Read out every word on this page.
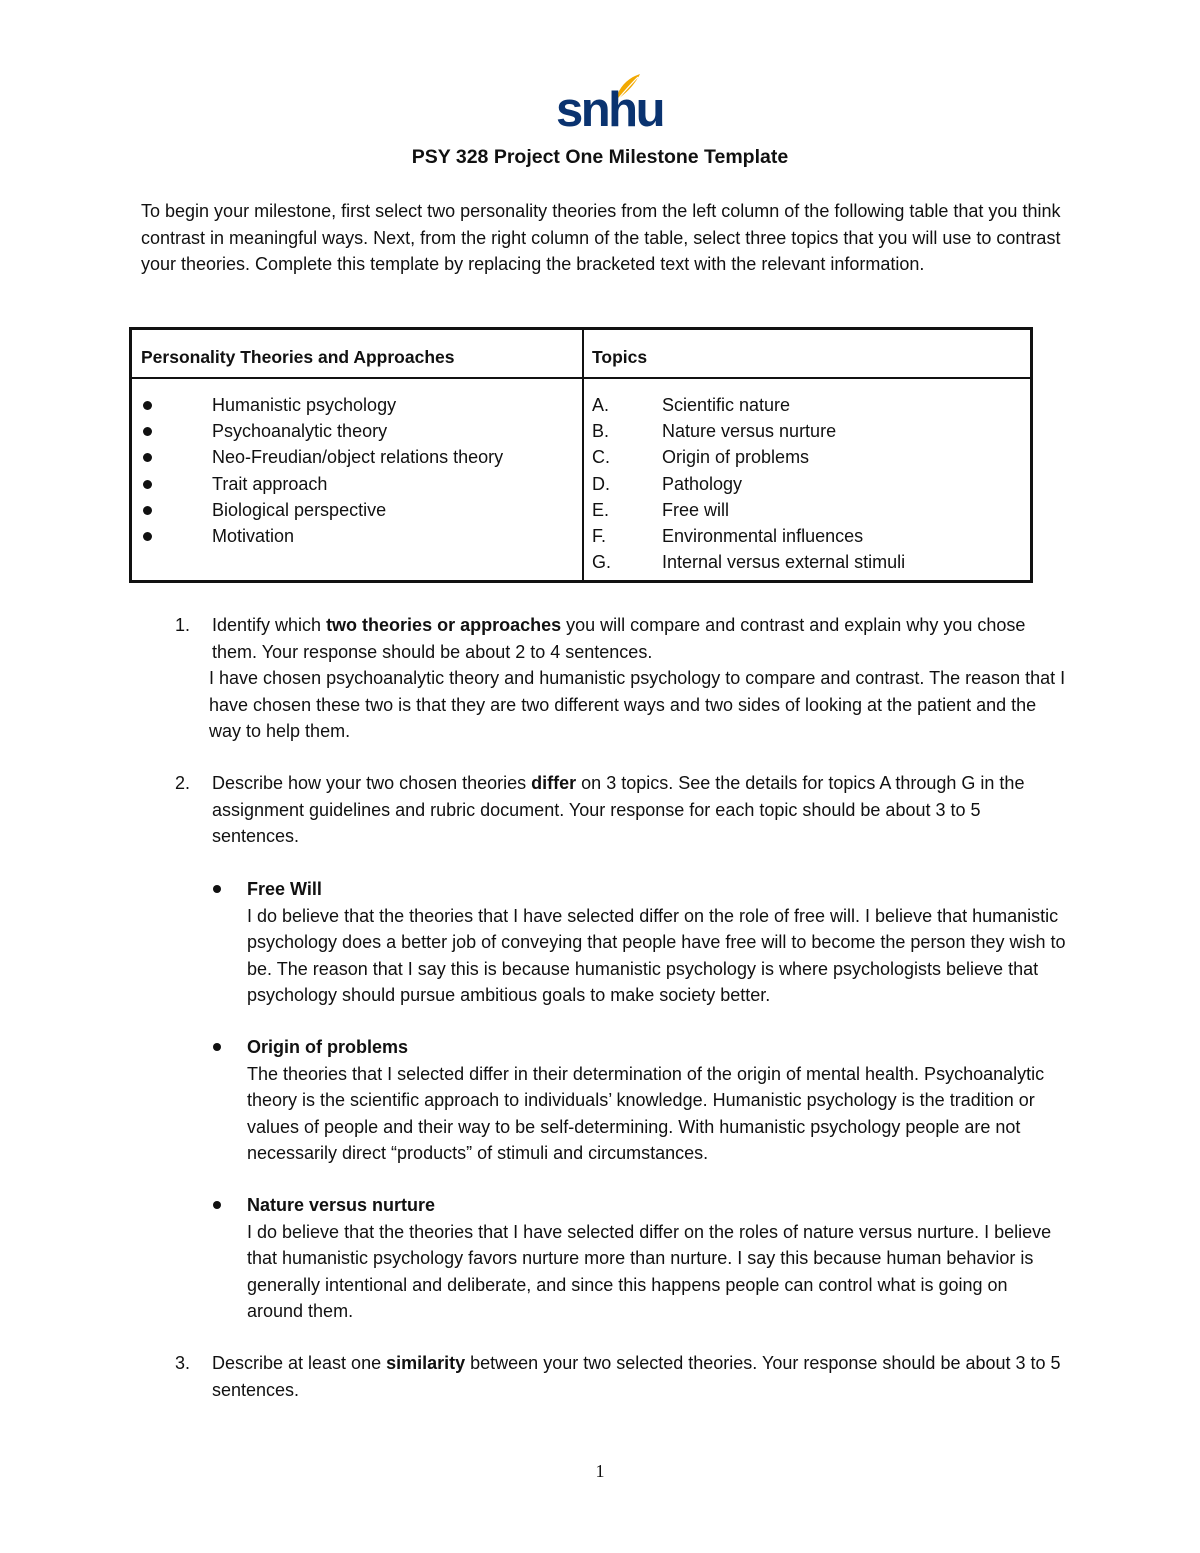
snhu
PSY 328 Project One Milestone Template
To begin your milestone, first select two personality theories from the left column of the following table that you think contrast in meaningful ways. Next, from the right column of the table, select three topics that you will use to contrast your theories. Complete this template by replacing the bracketed text with the relevant information.
Personality Theories and Approaches	Topics
Humanistic psychology
Psychoanalytic theory
Neo-Freudian/object relations theory
Trait approach
Biological perspective
Motivation
A.	Scientific nature
B.	Nature versus nurture
C.	Origin of problems
D.	Pathology
E.	Free will
F.	Environmental influences
G.	Internal versus external stimuli
1. Identify which two theories or approaches you will compare and contrast and explain why you chose them. Your response should be about 2 to 4 sentences.
I have chosen psychoanalytic theory and humanistic psychology to compare and contrast. The reason that I have chosen these two is that they are two different ways and two sides of looking at the patient and the way to help them.
2. Describe how your two chosen theories differ on 3 topics. See the details for topics A through G in the assignment guidelines and rubric document. Your response for each topic should be about 3 to 5 sentences.
Free Will
I do believe that the theories that I have selected differ on the role of free will. I believe that humanistic psychology does a better job of conveying that people have free will to become the person they wish to be. The reason that I say this is because humanistic psychology is where psychologists believe that psychology should pursue ambitious goals to make society better.
Origin of problems
The theories that I selected differ in their determination of the origin of mental health. Psychoanalytic theory is the scientific approach to individuals’ knowledge. Humanistic psychology is the tradition or values of people and their way to be self-determining. With humanistic psychology people are not necessarily direct “products” of stimuli and circumstances.
Nature versus nurture
I do believe that the theories that I have selected differ on the roles of nature versus nurture. I believe that humanistic psychology favors nurture more than nurture. I say this because human behavior is generally intentional and deliberate, and since this happens people can control what is going on around them.
3. Describe at least one similarity between your two selected theories. Your response should be about 3 to 5 sentences.
1
